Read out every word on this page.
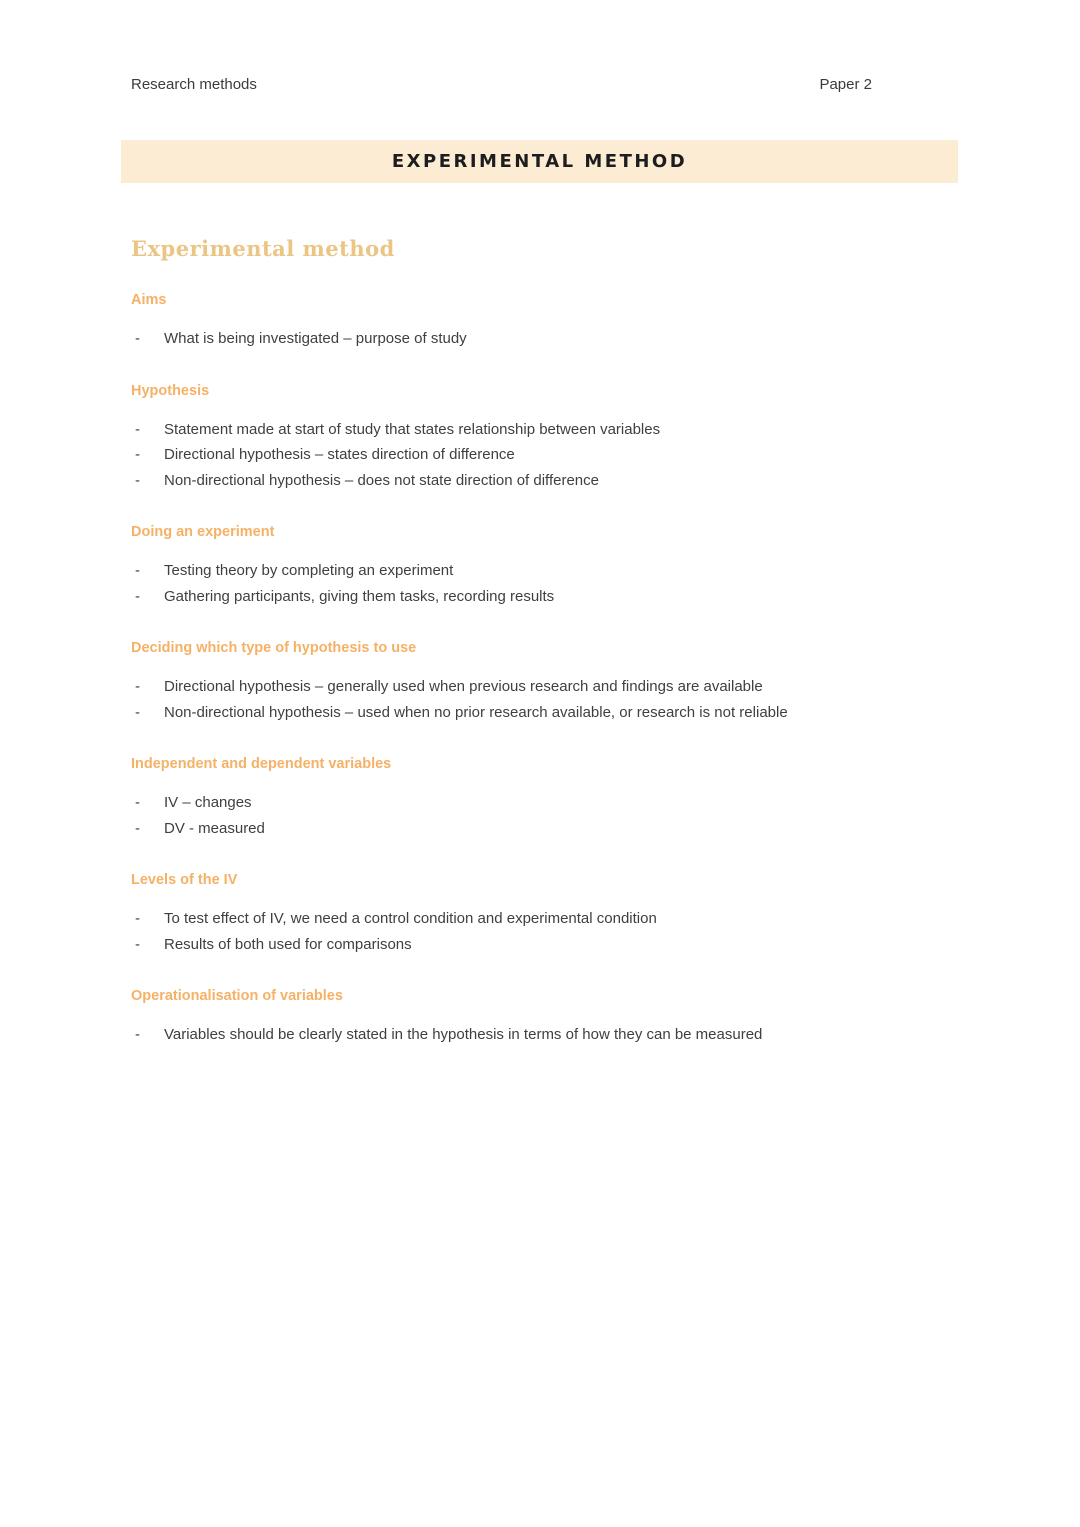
Research methods	Paper 2
EXPERIMENTAL METHOD
Experimental method
Aims
-	What is being investigated – purpose of study
Hypothesis
-	Statement made at start of study that states relationship between variables
-	Directional hypothesis – states direction of difference
-	Non-directional hypothesis – does not state direction of difference
Doing an experiment
-	Testing theory by completing an experiment
-	Gathering participants, giving them tasks, recording results
Deciding which type of hypothesis to use
-	Directional hypothesis – generally used when previous research and findings are available
-	Non-directional hypothesis – used when no prior research available, or research is not reliable
Independent and dependent variables
-	IV – changes
-	DV - measured
Levels of the IV
-	To test effect of IV, we need a control condition and experimental condition
-	Results of both used for comparisons
Operationalisation of variables
-	Variables should be clearly stated in the hypothesis in terms of how they can be measured
